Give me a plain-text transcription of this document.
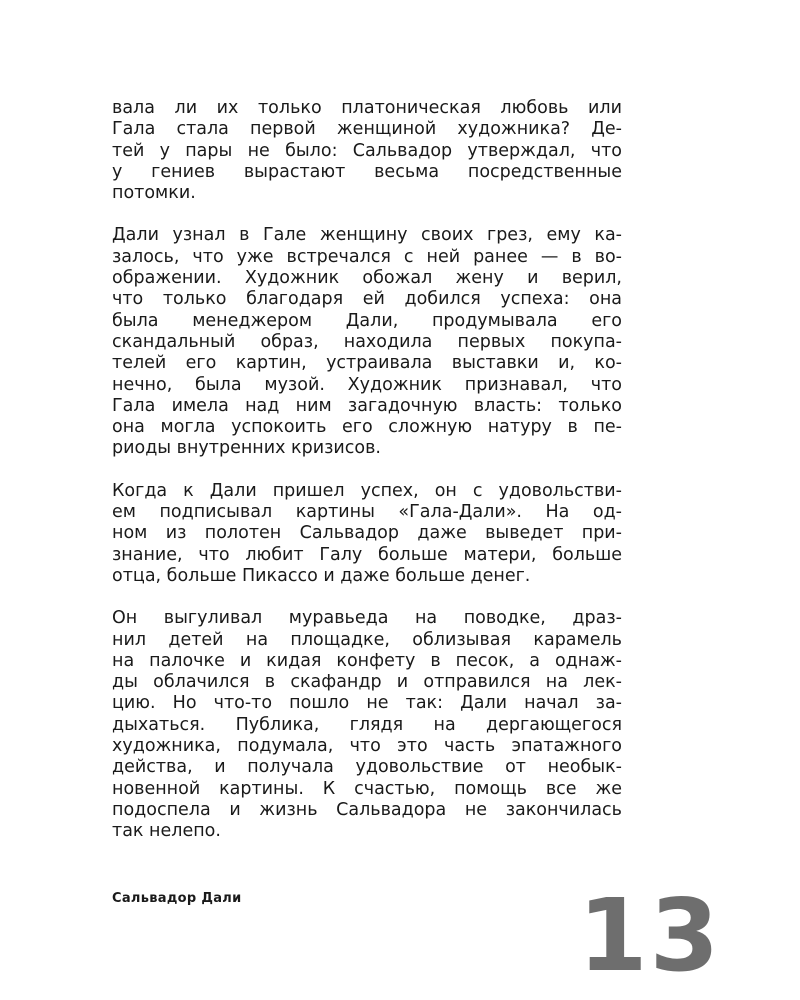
вала ли их только платоническая любовь или
Гала стала первой женщиной художника? Де-
тей у пары не было: Сальвадор утверждал, что
у гениев вырастают весьма посредственные
потомки.

Дали узнал в Гале женщину своих грез, ему ка-
залось, что уже встречался с ней ранее — в во-
ображении. Художник обожал жену и верил,
что только благодаря ей добился успеха: она
была менеджером Дали, продумывала его
скандальный образ, находила первых покупа-
телей его картин, устраивала выставки и, ко-
нечно, была музой. Художник признавал, что
Гала имела над ним загадочную власть: только
она могла успокоить его сложную натуру в пе-
риоды внутренних кризисов.

Когда к Дали пришел успех, он с удовольстви-
ем подписывал картины «Гала-Дали». На од-
ном из полотен Сальвадор даже выведет при-
знание, что любит Галу больше матери, больше
отца, больше Пикассо и даже больше денег.

Он выгуливал муравьеда на поводке, драз-
нил детей на площадке, облизывая карамель
на палочке и кидая конфету в песок, а однаж-
ды облачился в скафандр и отправился на лек-
цию. Но что-то пошло не так: Дали начал за-
дыхаться. Публика, глядя на дергающегося
художника, подумала, что это часть эпатажного
действа, и получала удовольствие от необык-
новенной картины. К счастью, помощь все же
подоспела и жизнь Сальвадора не закончилась
так нелепо.

Сальвадор Дали	13
